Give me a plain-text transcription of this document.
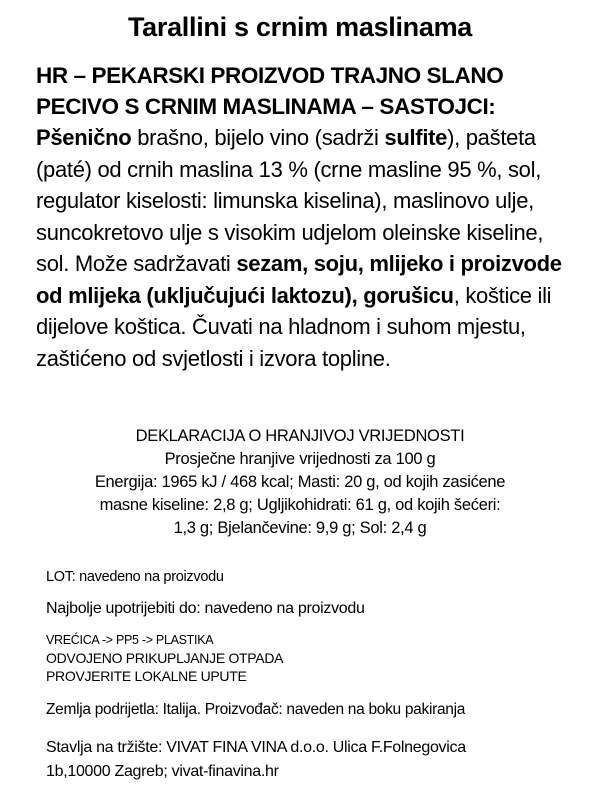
Tarallini s crnim maslinama
HR – PEKARSKI PROIZVOD TRAJNO SLANO
PECIVO S CRNIM MASLINAMA – SASTOJCI:
Pšenično brašno, bijelo vino (sadrži sulfite), pašteta (paté) od crnih maslina 13 % (crne masline 95 %, sol, regulator kiselosti: limunska kiselina), maslinovo ulje, suncokretovo ulje s visokim udjelom oleinske kiseline, sol. Može sadržavati sezam, soju, mlijeko i proizvode od mlijeka (uključujući laktozu), gorušicu, koštice ili dijelove koštica. Čuvati na hladnom i suhom mjestu, zaštićeno od svjetlosti i izvora topline.
DEKLARACIJA O HRANJIVOJ VRIJEDNOSTI
Prosječne hranjive vrijednosti za 100 g
Energija: 1965 kJ / 468 kcal; Masti: 20 g, od kojih zasićene
masne kiseline: 2,8 g; Ugljikohidrati: 61 g, od kojih šećeri:
1,3 g; Bjelančevine: 9,9 g; Sol: 2,4 g
LOT: navedeno na proizvodu
Najbolje upotrijebiti do: navedeno na proizvodu
VREĆICA -> PP5 -> PLASTIKA
ODVOJENO PRIKUPLJANJE OTPADA
PROVJERITE LOKALNE UPUTE
Zemlja podrijetla: Italija. Proizvođač: naveden na boku pakiranja
Stavlja na tržište: VIVAT FINA VINA d.o.o. Ulica F.Folnegovica
1b,10000 Zagreb; vivat-finavina.hr
